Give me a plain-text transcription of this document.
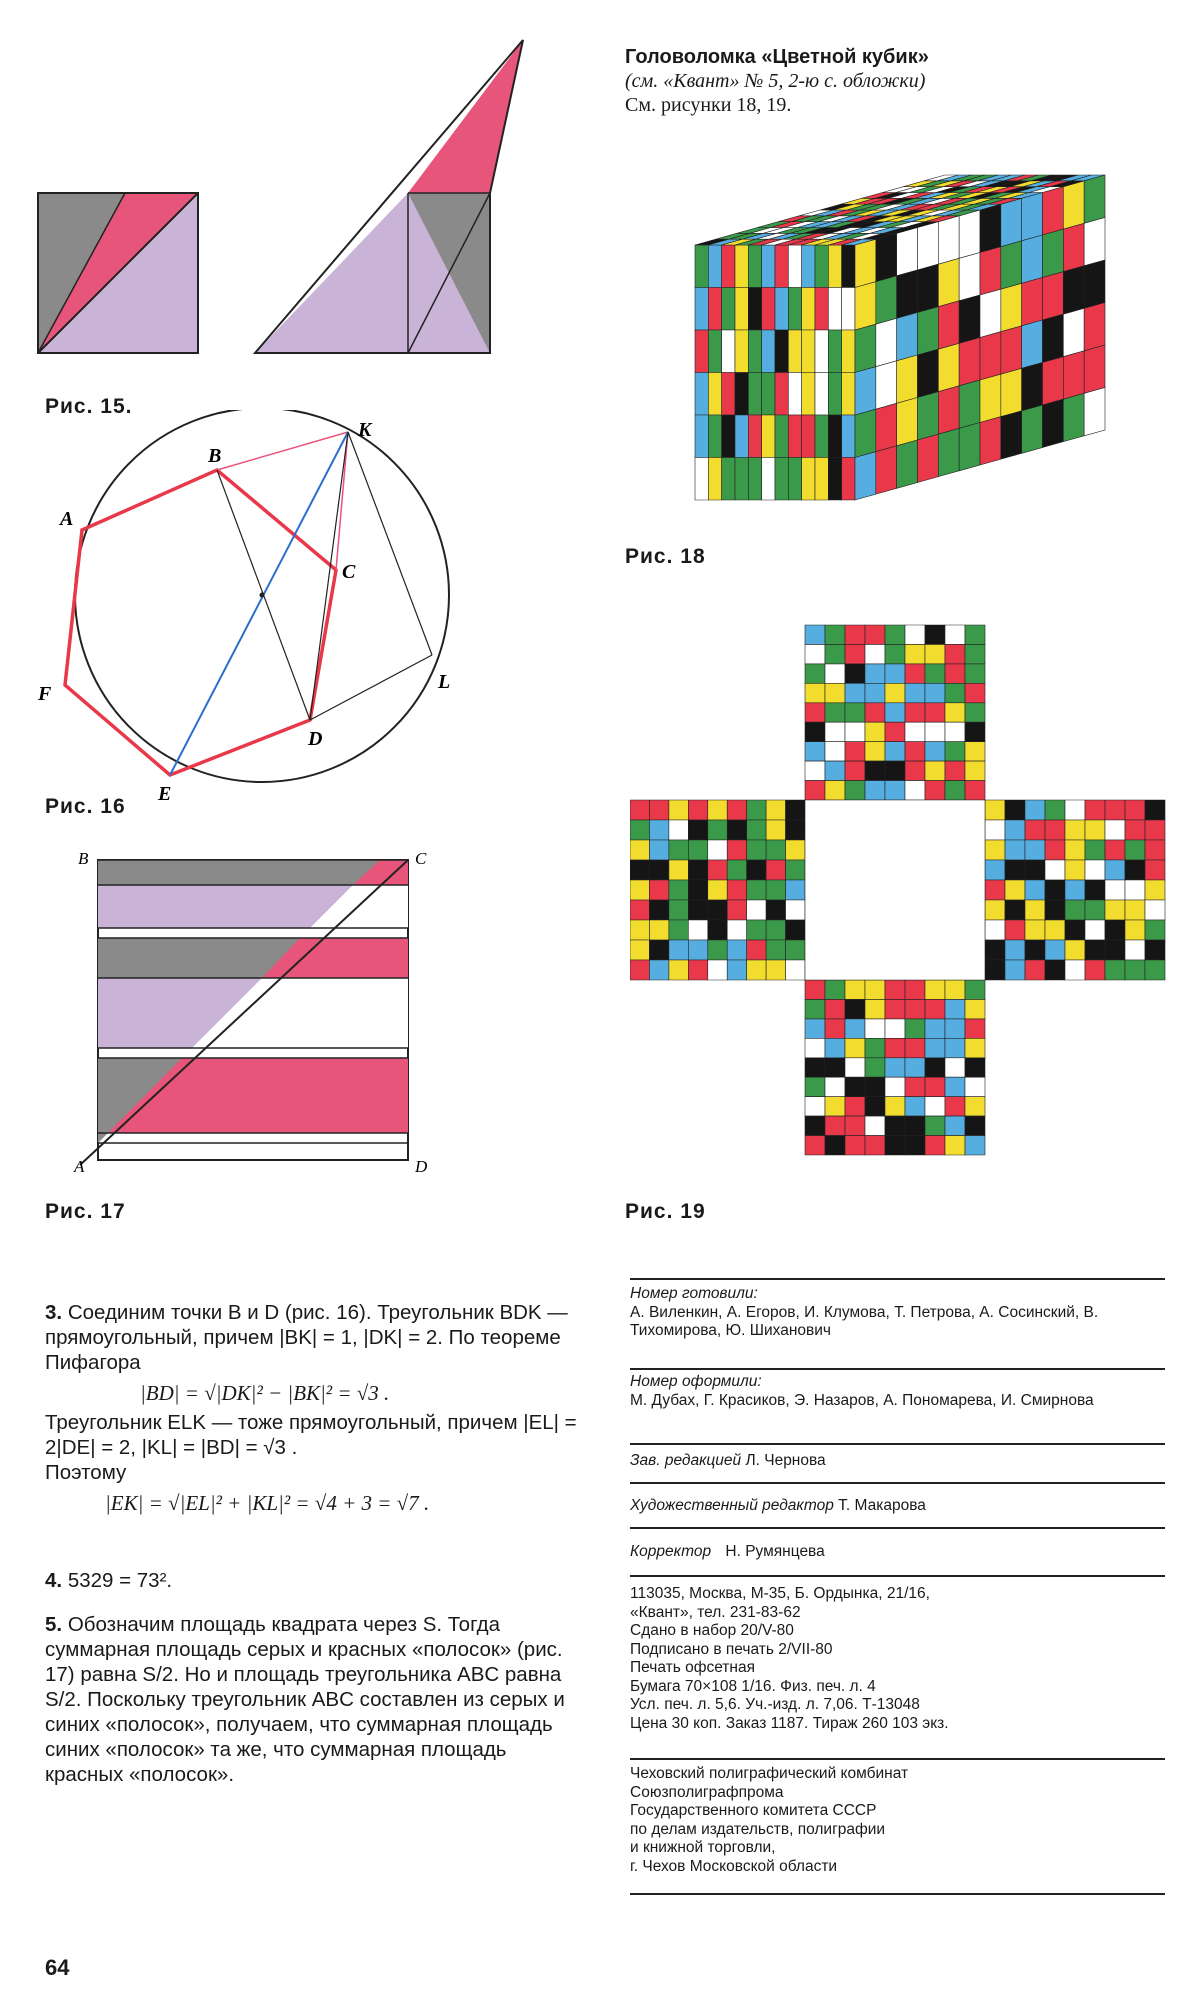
Рис. 15.
A
B
C
D
E
F
K
L
Рис. 16
B	C
A	D
Рис. 17
Головоломка «Цветной кубик»
(см. «Квант» № 5, 2-ю с. обложки)
См. рисунки 18, 19.
Рис. 18
Рис. 19
3. Соединим точки B и D (рис. 16). Треугольник BDK — прямоугольный, причем |BK| = 1, |DK| = 2. По теореме Пифагора
|BD| = √|DK|² − |BK|² = √3 .
Треугольник ELK — тоже прямоугольный, причем |EL| = 2|DE| = 2, |KL| = |BD| = √3 .
Поэтому
|EK| = √|EL|² + |KL|² = √4 + 3 = √7 .
4. 5329 = 73².
5. Обозначим площадь квадрата через S. Тогда суммарная площадь серых и красных «полосок» (рис. 17) равна S/2. Но и площадь треугольника ABC равна S/2. Поскольку треугольник ABC составлен из серых и синих «полосок», получаем, что суммарная площадь синих «полосок» та же, что суммарная площадь красных «полосок».
Номер готовили:
А. Виленкин, А. Егоров, И. Клумова, Т. Петрова, А. Сосинский, В. Тихомирова, Ю. Шиханович
Номер оформили:
М. Дубах, Г. Красиков, Э. Назаров, А. Пономарева, И. Смирнова
Зав. редакцией Л. Чернова
Художественный редактор Т. Макарова
Корректор Н. Румянцева
113035, Москва, М-35, Б. Ордынка, 21/16,
«Квант», тел. 231-83-62
Сдано в набор 20/V-80
Подписано в печать 2/VII-80
Печать офсетная
Бумага 70×108 1/16. Физ. печ. л. 4
Усл. печ. л. 5,6. Уч.-изд. л. 7,06. Т-13048
Цена 30 коп. Заказ 1187. Тираж 260 103 экз.
Чеховский полиграфический комбинат
Союзполиграфпрома
Государственного комитета СССР
по делам издательств, полиграфии
и книжной торговли,
г. Чехов Московской области
64
